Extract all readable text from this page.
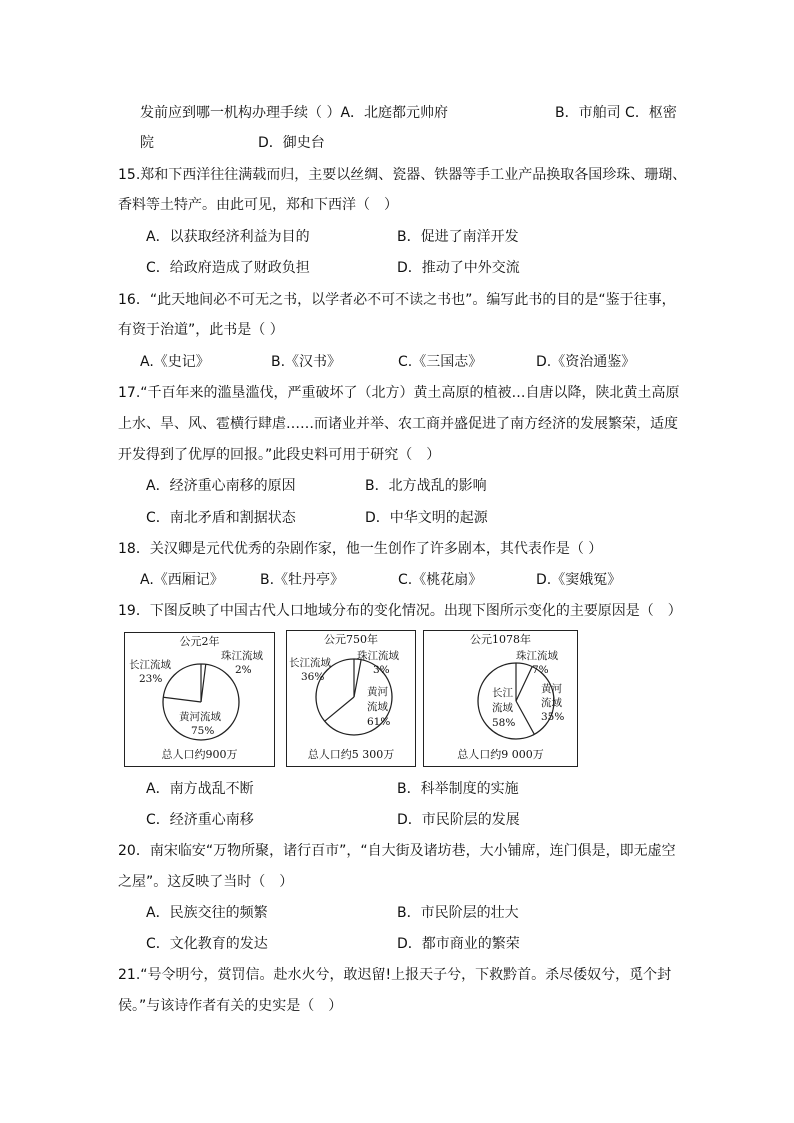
发前应到哪一机构办理手续（ ）A．北庭都元帅府	B．市舶司 C．枢密
院	D．御史台
15.郑和下西洋往往满载而归，主要以丝绸、瓷器、铁器等手工业产品换取各国珍珠、珊瑚、
香料等土特产。由此可见，郑和下西洋（　）
A．以获取经济利益为目的	B．促进了南洋开发
C．给政府造成了财政负担	D．推动了中外交流
16．“此天地间必不可无之书，以学者必不可不读之书也”。编写此书的目的是“鉴于往事，
有资于治道”，此书是（ ）
A.《史记》	B.《汉书》	C.《三国志》	D.《资治通鉴》
17.“千百年来的滥垦滥伐，严重破坏了（北方）黄土高原的植被…自唐以降，陕北黄土高原
上水、旱、风、雹横行肆虐……而诸业并举、农工商并盛促进了南方经济的发展繁荣，适度
开发得到了优厚的回报。”此段史料可用于研究（　）
A．经济重心南移的原因	B．北方战乱的影响
C．南北矛盾和割据状态	D．中华文明的起源
18．关汉卿是元代优秀的杂剧作家，他一生创作了许多剧本，其代表作是（ ）
A.《西厢记》	B.《牡丹亭》	C.《桃花扇》	D.《窦娥冤》
19．下图反映了中国古代人口地域分布的变化情况。出现下图所示变化的主要原因是（　）
公元2年
长江流域
23%
珠江流域
2%
黄河流域
75%
总人口约900万
公元750年
长江流域
36%
珠江流域
3%
黄河
流域
61%
总人口约5 300万
公元1078年
珠江流域
7%
长江
流域
58%
黄河
流域
35%
总人口约9 000万
A．南方战乱不断	B．科举制度的实施
C．经济重心南移	D．市民阶层的发展
20．南宋临安“万物所聚，诸行百市”，“自大街及诸坊巷，大小铺席，连门俱是，即无虚空
之屋”。这反映了当时（　）
A．民族交往的频繁	B．市民阶层的壮大
C．文化教育的发达	D．都市商业的繁荣
21.“号令明兮，赏罚信。赴水火兮，敢迟留!上报天子兮，下救黔首。杀尽倭奴兮，觅个封
侯。”与该诗作者有关的史实是（　）
